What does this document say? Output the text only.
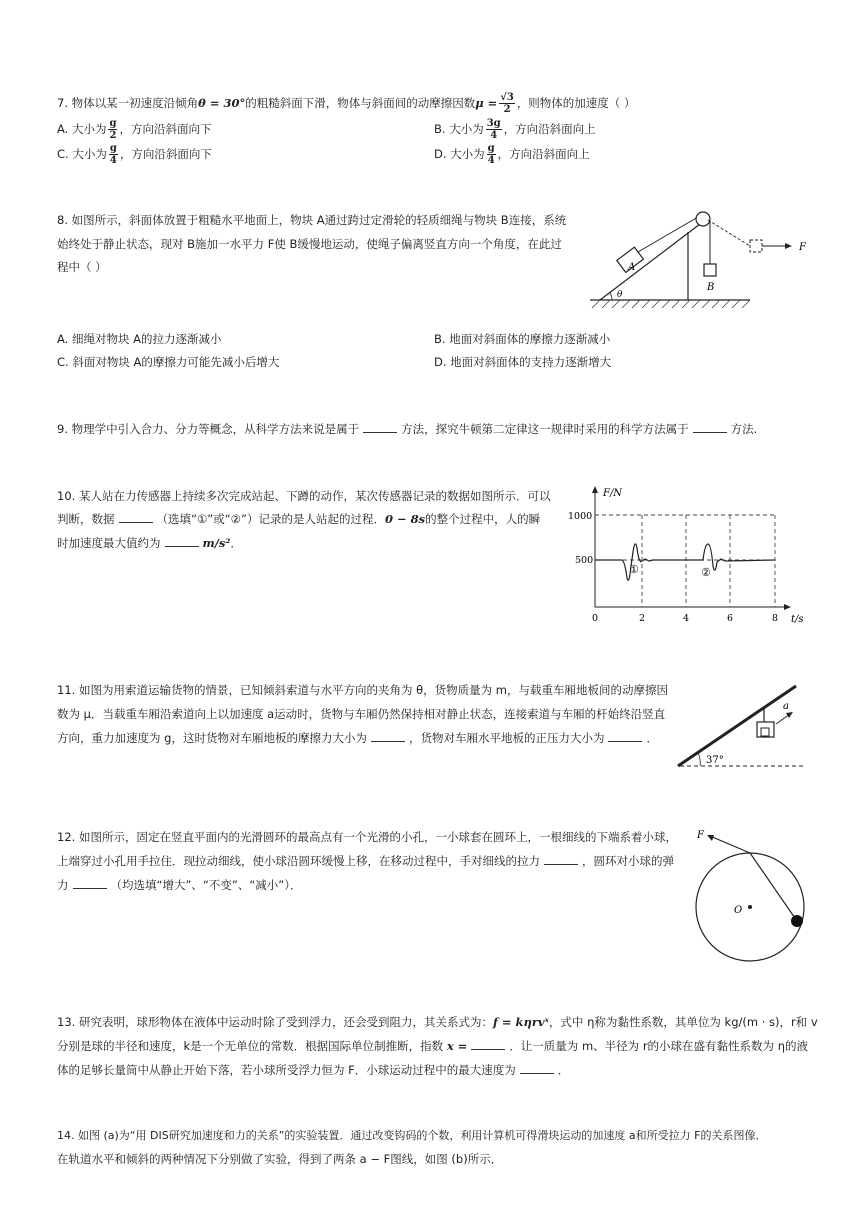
7. 物体以某一初速度沿倾角θ = 30°的粗糙斜面下滑，物体与斜面间的动摩擦因数$\mu = \frac{√3}{2}$ ，则物体的加速度（ ）
A. 大小为 $\frac{g}{2}$ ，方向沿斜面向下	B. 大小为 $\frac{3g}{4}$ ，方向沿斜面向上
C. 大小为 $\frac{g}{4}$ ，方向沿斜面向下	D. 大小为 $\frac{g}{4}$ ，方向沿斜面向上
8. 如图所示，斜面体放置于粗糙水平地面上，物块 A通过跨过定滑轮的轻质细绳与物块 B连接，系统
始终处于静止状态，现对 B施加一水平力 F使 B缓慢地运动，使绳子偏离竖直方向一个角度，在此过
程中（ ）
θ
A
B
F
A. 细绳对物块 A的拉力逐渐减小	B. 地面对斜面体的摩擦力逐渐减小
C. 斜面对物块 A的摩擦力可能先减小后增大	D. 地面对斜面体的支持力逐渐增大
9. 物理学中引入合力、分力等概念，从科学方法来说是属于	方法，探究牛顿第二定律这一规律时采用的科学方法属于	方法.
10. 某人站在力传感器上持续多次完成站起、下蹲的动作，某次传感器记录的数据如图所示．可以
判断，数据	（选填“①”或“②”）记录的是人站起的过程．0 − 8s的整个过程中，人的瞬
时加速度最大值约为	m/s²．
F/N
t/s
1000
500
0	2	4	6	8
①	②
11. 如图为用索道运输货物的情景，已知倾斜索道与水平方向的夹角为 θ，货物质量为 m，与载重车厢地板间的动摩擦因
数为 μ．当载重车厢沿索道向上以加速度 a运动时，货物与车厢仍然保持相对静止状态，连接索道与车厢的杆始终沿竖直
方向，重力加速度为 g，这时货物对车厢地板的摩擦力大小为	，货物对车厢水平地板的正压力大小为	．
37°
a
12. 如图所示，固定在竖直平面内的光滑圆环的最高点有一个光滑的小孔，一小球套在圆环上，一根细线的下端系着小球，
上端穿过小孔用手拉住．现拉动细线，使小球沿圆环缓慢上移，在移动过程中，手对细线的拉力	，圆环对小球的弹
力	（均选填“增大”、“不变”、“减小”）．
O
F
13. 研究表明，球形物体在液体中运动时除了受到浮力，还会受到阻力，其关系式为：f = kηrvˣ，式中 η称为黏性系数，其单位为 kg/(m · s)，r和 v
分别是球的半径和速度，k是一个无单位的常数．根据国际单位制推断，指数 x =	．让一质量为 m、半径为 r的小球在盛有黏性系数为 η的液
体的足够长量筒中从静止开始下落，若小球所受浮力恒为 F．小球运动过程中的最大速度为	．
14. 如图 (a)为“用 DIS研究加速度和力的关系”的实验装置．通过改变钩码的个数，利用计算机可得滑块运动的加速度 a和所受拉力 F的关系图像．
在轨道水平和倾斜的两种情况下分别做了实验，得到了两条 a − F图线，如图 (b)所示．
